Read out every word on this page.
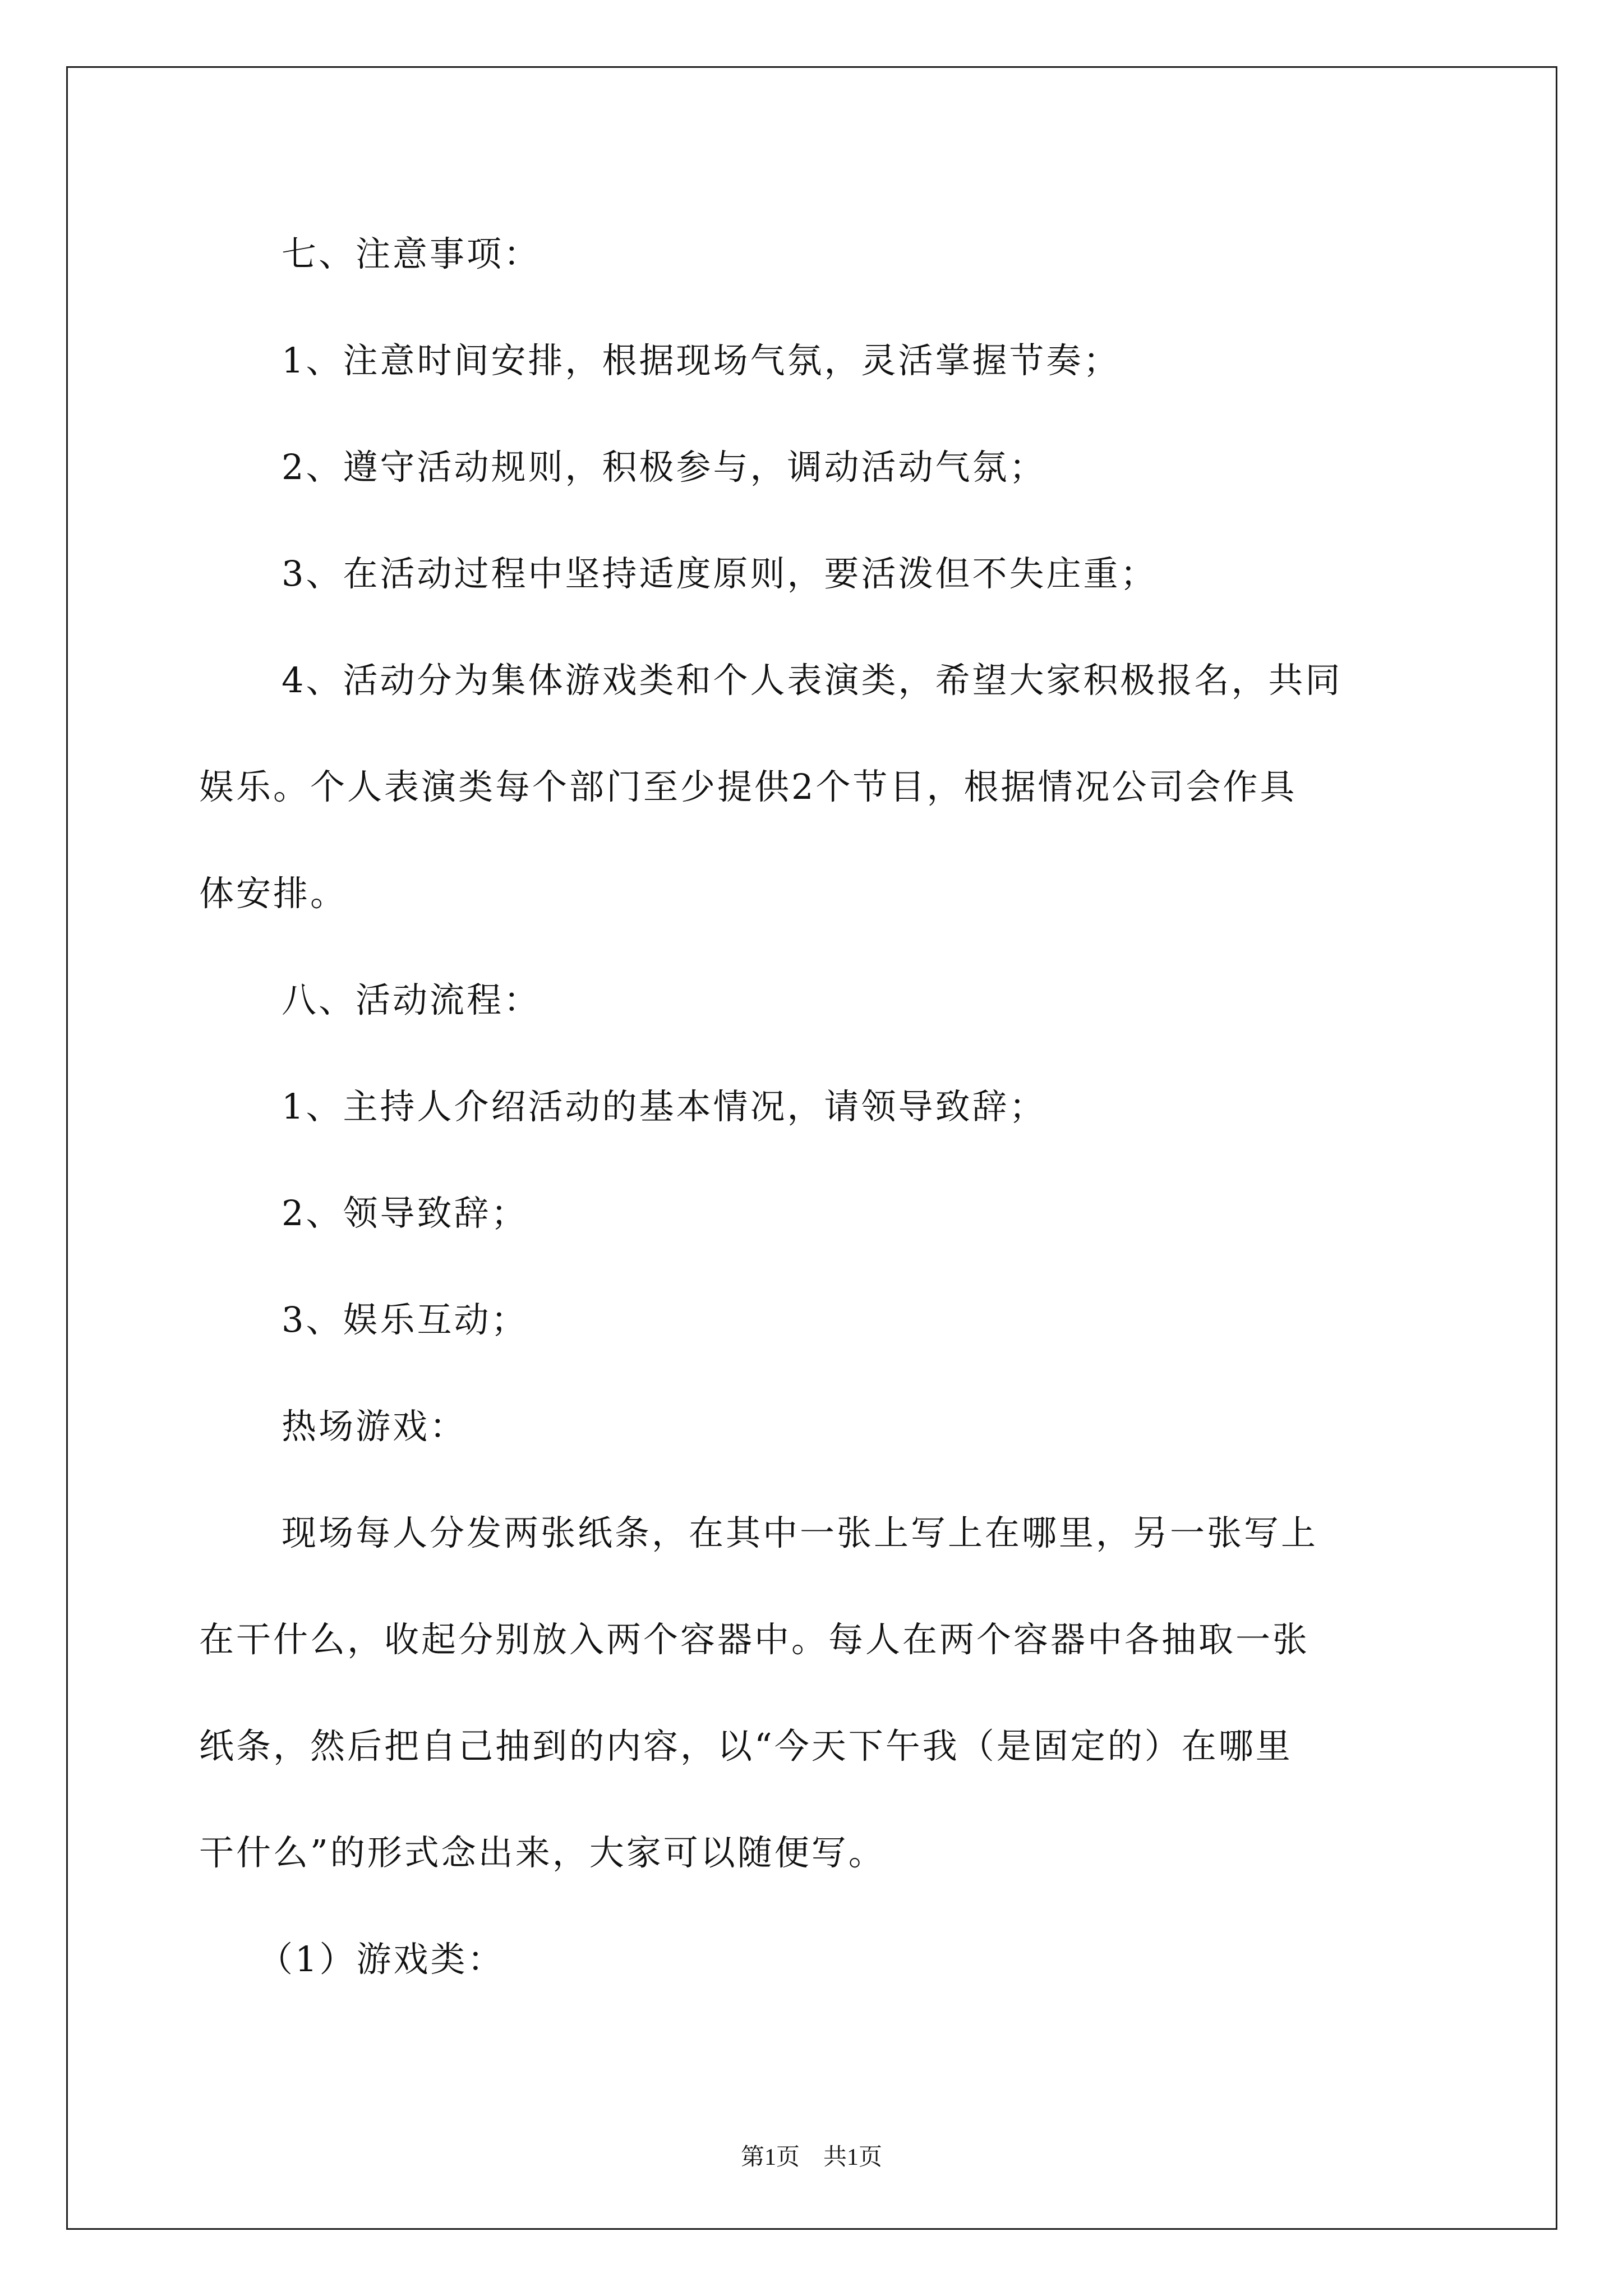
七、注意事项：
1、注意时间安排，根据现场气氛，灵活掌握节奏；
2、遵守活动规则，积极参与，调动活动气氛；
3、在活动过程中坚持适度原则，要活泼但不失庄重；
4、活动分为集体游戏类和个人表演类，希望大家积极报名，共同
娱乐。个人表演类每个部门至少提供2个节目，根据情况公司会作具
体安排。
八、活动流程：
1、主持人介绍活动的基本情况，请领导致辞；
2、领导致辞；
3、娱乐互动；
热场游戏：
现场每人分发两张纸条，在其中一张上写上在哪里，另一张写上
在干什么，收起分别放入两个容器中。每人在两个容器中各抽取一张
纸条，然后把自己抽到的内容，以“今天下午我（是固定的）在哪里
干什么”的形式念出来，大家可以随便写。
（1）游戏类：
第1页　共1页
